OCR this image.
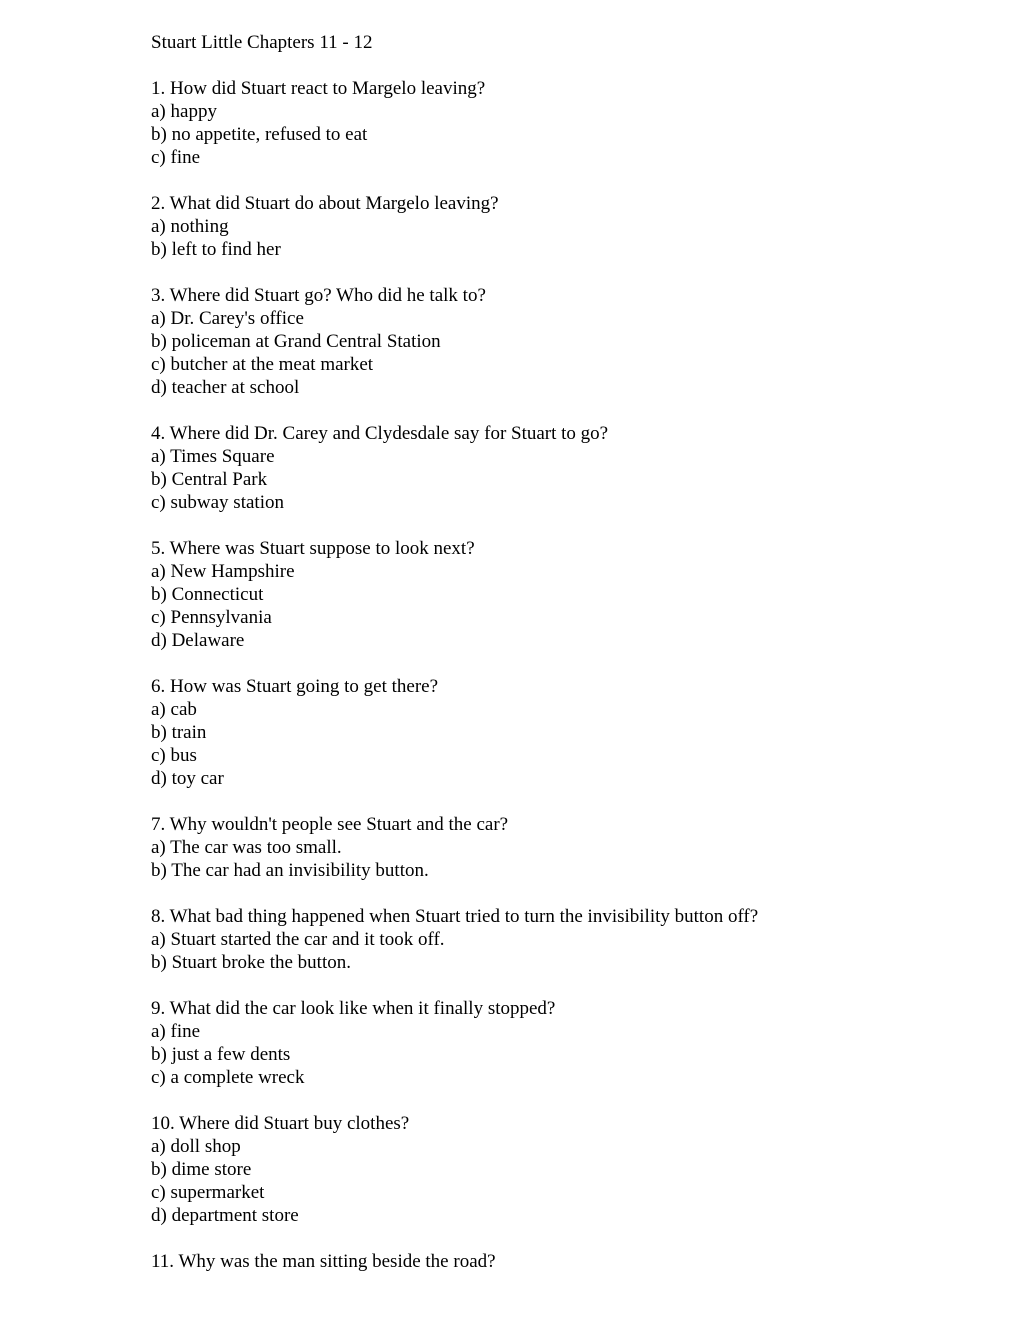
Stuart Little Chapters 11 - 12
1. How did Stuart react to Margelo leaving?
a) happy
b) no appetite, refused to eat
c) fine
2. What did Stuart do about Margelo leaving?
a) nothing
b) left to find her
3. Where did Stuart go? Who did he talk to?
a) Dr. Carey's office
b) policeman at Grand Central Station
c) butcher at the meat market
d) teacher at school
4. Where did Dr. Carey and Clydesdale say for Stuart to go?
a) Times Square
b) Central Park
c) subway station
5. Where was Stuart suppose to look next?
a) New Hampshire
b) Connecticut
c) Pennsylvania
d) Delaware
6. How was Stuart going to get there?
a) cab
b) train
c) bus
d) toy car
7. Why wouldn't people see Stuart and the car?
a) The car was too small.
b) The car had an invisibility button.
8. What bad thing happened when Stuart tried to turn the invisibility button off?
a) Stuart started the car and it took off.
b) Stuart broke the button.
9. What did the car look like when it finally stopped?
a) fine
b) just a few dents
c) a complete wreck
10. Where did Stuart buy clothes?
a) doll shop
b) dime store
c) supermarket
d) department store
11. Why was the man sitting beside the road?
